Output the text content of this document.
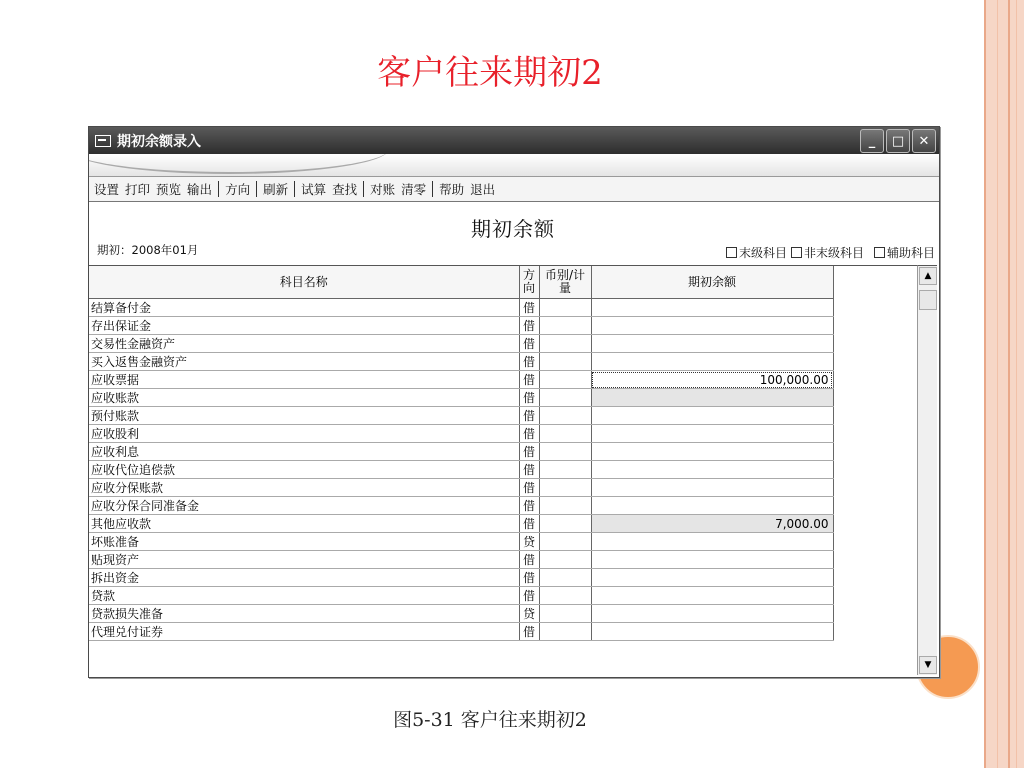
客户往来期初2
期初余额录入	_	□	✕
设置 打印 预览 输出 方向 刷新 试算 查找 对账 清零 帮助 退出
期初余额
期初：2008年01月	末级科目 非末级科目 辅助科目
科目名称	方向	币别/计量	期初余额	
结算备付金	借			
存出保证金	借			
交易性金融资产	借			
买入返售金融资产	借			
应收票据	借		100,000.00	
应收账款	借			
预付账款	借			
应收股利	借			
应收利息	借			
应收代位追偿款	借			
应收分保账款	借			
应收分保合同准备金	借			
其他应收款	借		7,000.00	
坏账准备	贷			
贴现资产	借			
拆出资金	借			
贷款	借			
贷款损失准备	贷			
代理兑付证券	借			
▲
▼
图5-31 客户往来期初2
